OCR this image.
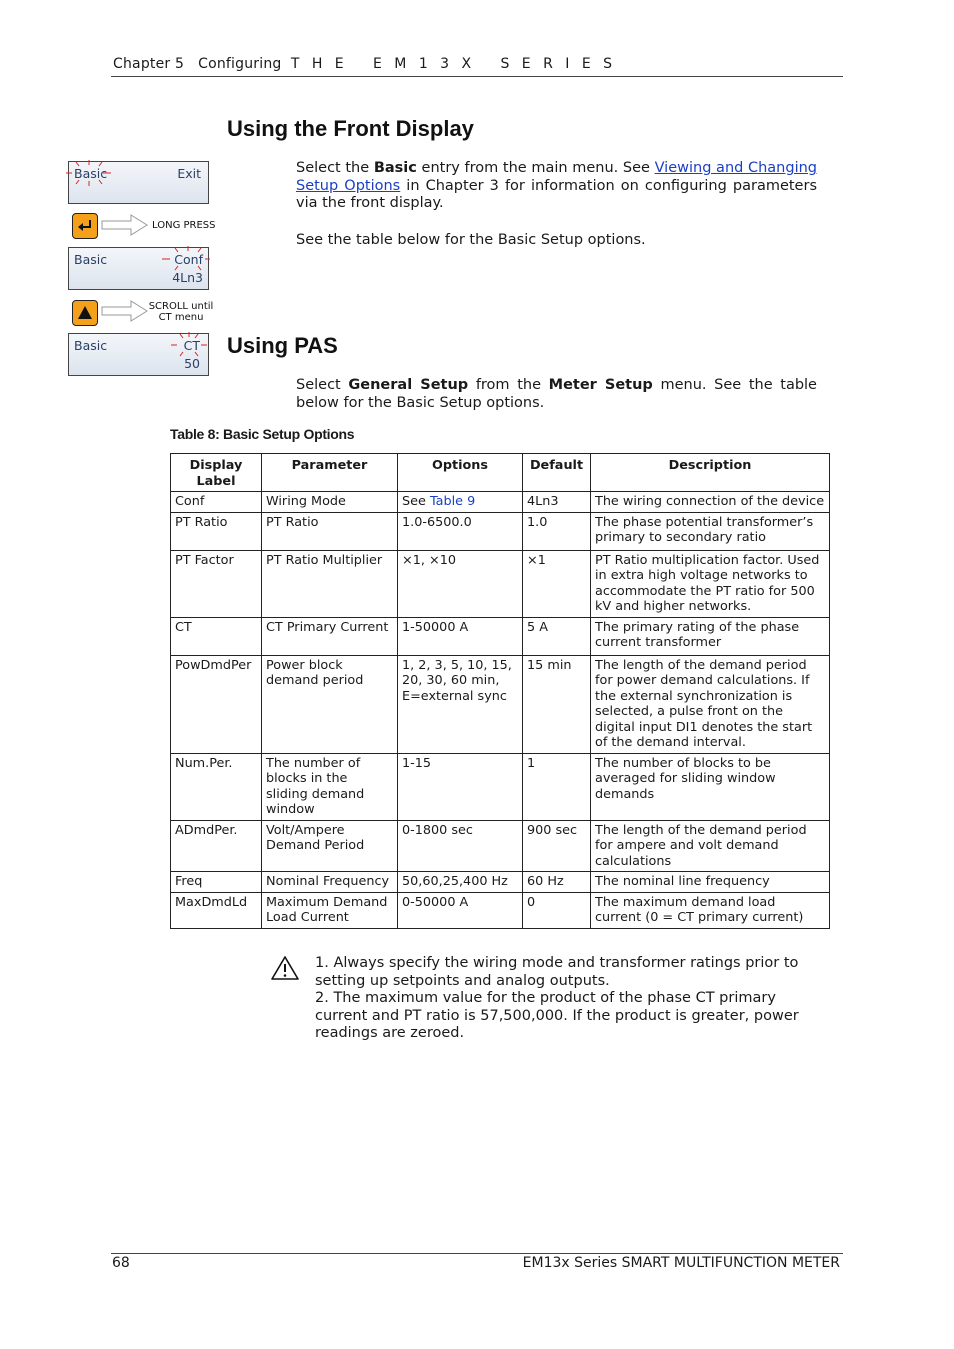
Chapter 5 Configuring T H E   E M 1 3 X   S E R I E S
Using the Front Display
Select the Basic entry from the main menu. See Viewing and Changing Setup Options in Chapter 3 for information on configuring parameters via the front display.
See the table below for the Basic Setup options.
Basic	Exit
LONG PRESS
Basic	Conf
4Ln3
SCROLL until
CT menu
Basic	CT
50
Using PAS
Select General Setup from the Meter Setup menu. See the table below for the Basic Setup options.
Table 8: Basic Setup Options
Display Label	Parameter	Options	Default	Description
Conf	Wiring Mode	See Table 9	4Ln3	The wiring connection of the device
PT Ratio	PT Ratio	1.0-6500.0	1.0	The phase potential transformer’s primary to secondary ratio
PT Factor	PT Ratio Multiplier	×1, ×10	×1	PT Ratio multiplication factor. Used in extra high voltage networks to accommodate the PT ratio for 500 kV and higher networks.
CT	CT Primary Current	1-50000 A	5 A	The primary rating of the phase current transformer
PowDmdPer	Power block demand period	1, 2, 3, 5, 10, 15, 20, 30, 60 min, E=external sync	15 min	The length of the demand period for power demand calculations. If the external synchronization is selected, a pulse front on the digital input DI1 denotes the start of the demand interval.
Num.Per.	The number of blocks in the sliding demand window	1-15	1	The number of blocks to be averaged for sliding window demands
ADmdPer.	Volt/Ampere Demand Period	0-1800 sec	900 sec	The length of the demand period for ampere and volt demand calculations
Freq	Nominal Frequency	50,60,25,400 Hz	60 Hz	The nominal line frequency
MaxDmdLd	Maximum Demand Load Current	0-50000 A	0	The maximum demand load current (0 = CT primary current)
1. Always specify the wiring mode and transformer ratings prior to setting up setpoints and analog outputs.
2. The maximum value for the product of the phase CT primary current and PT ratio is 57,500,000. If the product is greater, power readings are zeroed.
68	EM13x Series SMART MULTIFUNCTION METER
